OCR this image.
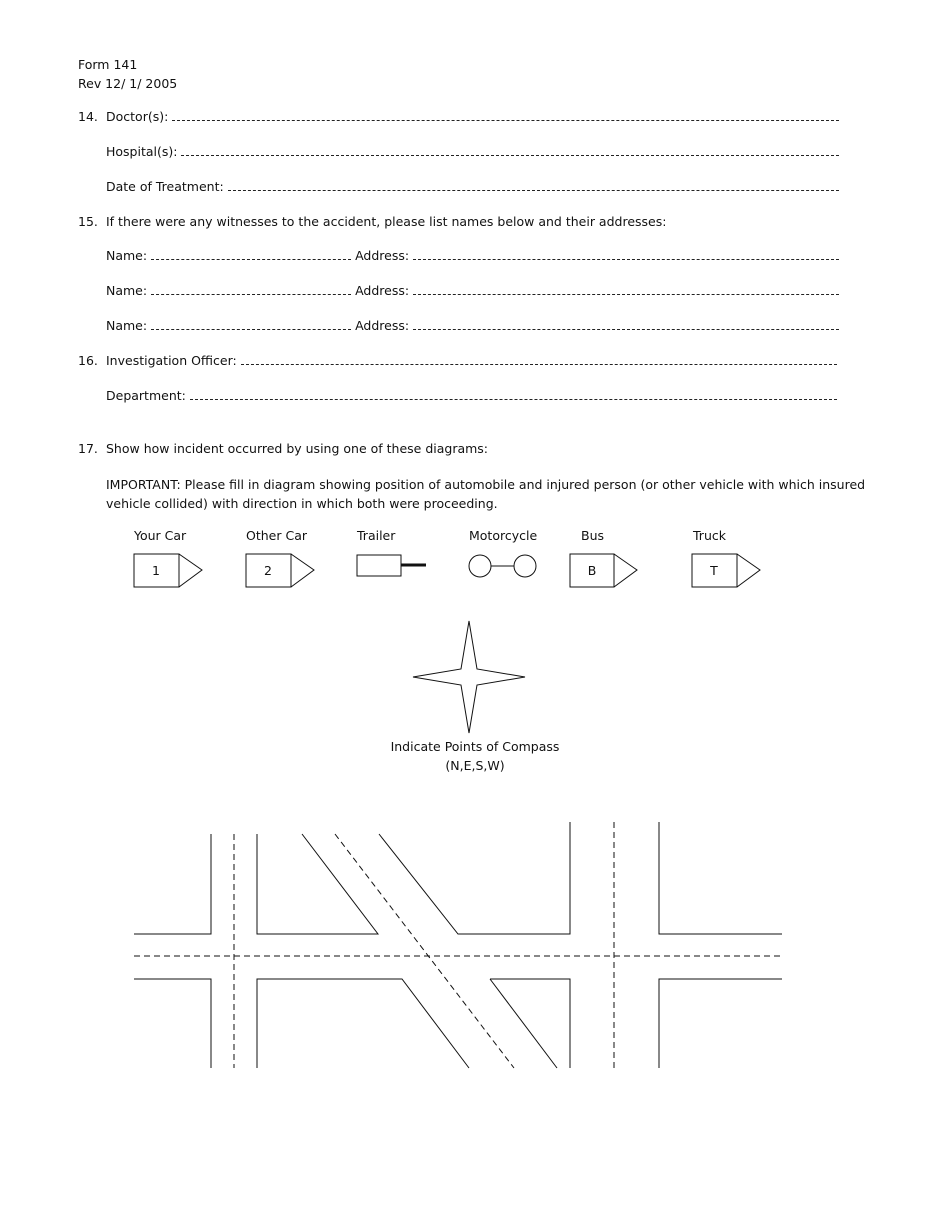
Form 141
Rev 12/ 1/ 2005
14. Doctor(s):
Hospital(s):
Date of Treatment:
15. If there were any witnesses to the accident, please list names below and their addresses:
Name:	Address:
Name:	Address:
Name:	Address:
16. Investigation Officer:
Department:
17. Show how incident occurred by using one of these diagrams:
IMPORTANT: Please fill in diagram showing position of automobile and injured person (or other vehicle with which insured vehicle collided) with direction in which both were proceeding.
Your Car	Other Car	Trailer	Motorcycle	Bus	Truck
1	2	B	T
Indicate Points of Compass
(N,E,S,W)
